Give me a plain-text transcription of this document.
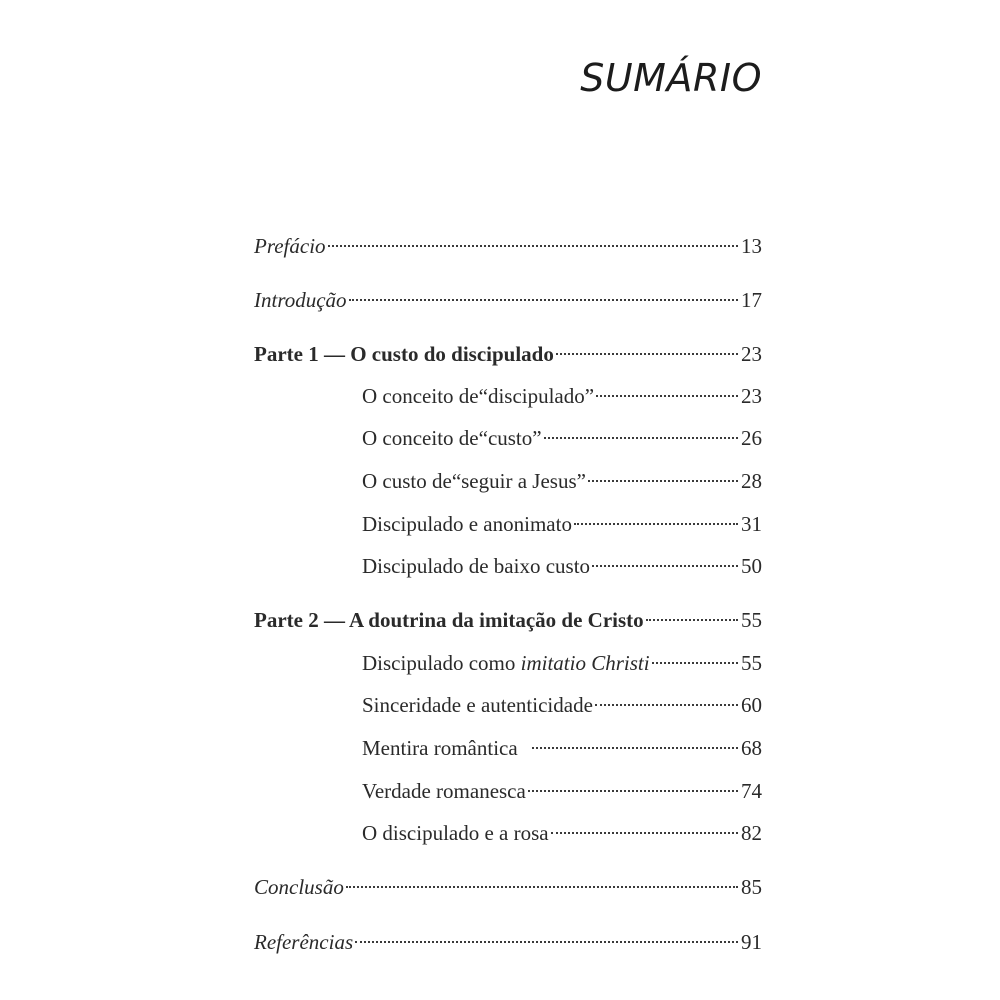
SUMÁRIO
Prefácio	13
Introdução	17
Parte 1 — O custo do discipulado	23
O conceito de“discipulado”	23
O conceito de“custo”	26
O custo de“seguir a Jesus”	28
Discipulado e anonimato	31
Discipulado de baixo custo	50
Parte 2 — A doutrina da imitação de Cristo	55
Discipulado como imitatio Christi	55
Sinceridade e autenticidade	60
Mentira romântica	68
Verdade romanesca	74
O discipulado e a rosa	82
Conclusão	85
Referências	91
